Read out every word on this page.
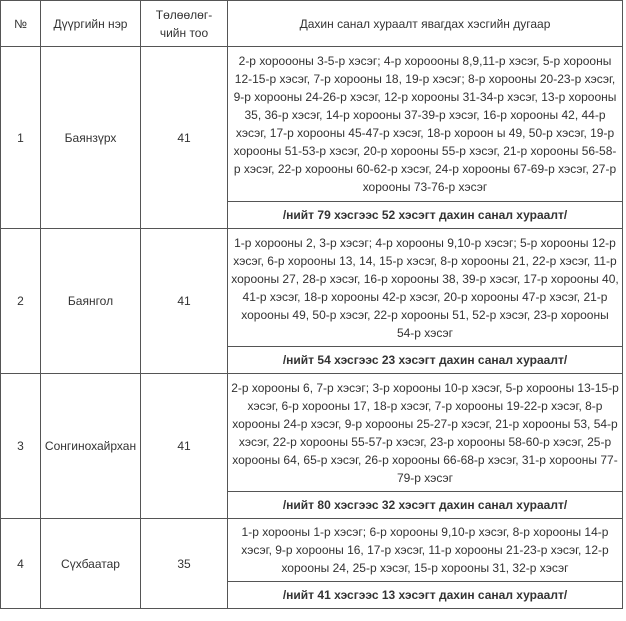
№	Дүүргийн нэр	Төлөөлөг-чийн тоо	Дахин санал хураалт явагдах хэсгийн дугаар
1	Баянзүрх	41	2-р хороооны 3-5-р хэсэг; 4-р хороооны 8,9,11-р хэсэг, 5-р хорооны 12-15-р хэсэг, 7-р хорооны 18, 19-р хэсэг; 8-р хорооны 20-23-р хэсэг, 9-р хорооны 24-26-р хэсэг, 12-р хорооны 31-34-р хэсэг, 13-р хорооны 35, 36-р хэсэг, 14-р хорооны 37-39-р хэсэг, 16-р хорооны 42, 44-р хэсэг, 17-р хорооны 45-47-р хэсэг, 18-р хороон ы 49, 50-р хэсэг, 19-р хорооны 51-53-р хэсэг, 20-р хорооны 55-р хэсэг, 21-р хорооны 56-58-р хэсэг, 22-р хорооны 60-62-р хэсэг, 24-р хорооны 67-69-р хэсэг, 27-р хорооны 73-76-р хэсэг
			/нийт 79 хэсгээс 52 хэсэгт дахин санал хураалт/
2	Баянгол	41	1-р хорооны 2, 3-р хэсэг; 4-р хорооны 9,10-р хэсэг; 5-р хорооны 12-р хэсэг, 6-р хорооны 13, 14, 15-р хэсэг, 8-р хорооны 21, 22-р хэсэг, 11-р хорооны 27, 28-р хэсэг, 16-р хорооны 38, 39-р хэсэг, 17-р хорооны 40, 41-р хэсэг, 18-р хорооны 42-р хэсэг, 20-р хорооны 47-р хэсэг, 21-р хорооны 49, 50-р хэсэг, 22-р хорооны 51, 52-р хэсэг, 23-р хорооны 54-р хэсэг
			/нийт 54 хэсгээс 23 хэсэгт дахин санал хураалт/
3	Сонгинохайрхан	41	2-р хорооны 6, 7-р хэсэг; 3-р хорооны 10-р хэсэг, 5-р хорооны 13-15-р хэсэг, 6-р хорооны 17, 18-р хэсэг, 7-р хорооны 19-22-р хэсэг, 8-р хорооны 24-р хэсэг, 9-р хорооны 25-27-р хэсэг, 21-р хорооны 53, 54-р хэсэг, 22-р хорооны 55-57-р хэсэг, 23-р хорооны 58-60-р хэсэг, 25-р хорооны 64, 65-р хэсэг, 26-р хорооны 66-68-р хэсэг, 31-р хорооны 77-79-р хэсэг
			/нийт 80 хэсгээс 32 хэсэгт дахин санал хураалт/
4	Сүхбаатар	35	1-р хорооны 1-р хэсэг; 6-р хорооны 9,10-р хэсэг, 8-р хорооны 14-р хэсэг, 9-р хорооны 16, 17-р хэсэг, 11-р хорооны 21-23-р хэсэг, 12-р хорооны 24, 25-р хэсэг, 15-р хорооны 31, 32-р хэсэг
			/нийт 41 хэсгээс 13 хэсэгт дахин санал хураалт/
